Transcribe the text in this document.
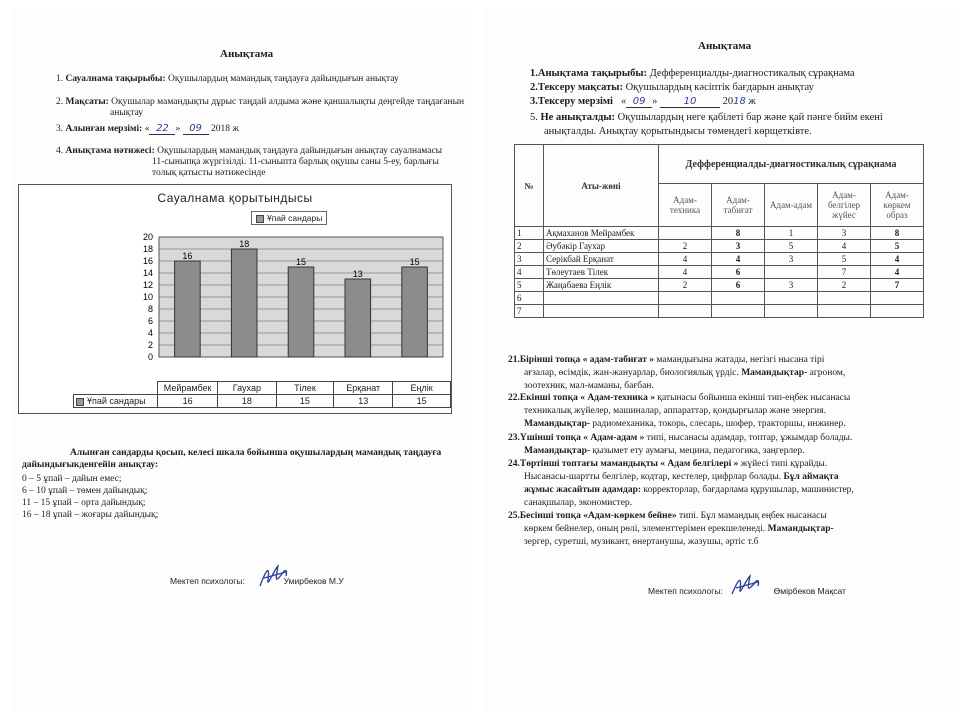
Анықтама
1. Сауалнама тақырыбы: Оқушылардың мамандық таңдауға дайындығын анықтау
2. Мақсаты: Оқушылар мамандықты дұрыс таңдай алдыма және қаншалықты деңгейде таңдағанын
анықтау
3. Алынған мерзімі: « 22 » 09 2018 ж
4. Анықтама нәтижесі: Оқушылардың мамандық таңдауға дайындығын анықтау сауалнамасы
11-сыныпқа жүргізілді. 11-сыныпта барлық оқушы саны 5-еу, барлығы
толық қатысты нәтижесінде
Сауалнама қорытындысы
Ұпай сандары
0
2
4
6
8
10
12
14
16
18
20
16
18
15
13
15
	Мейрамбек	Гаухар	Тілек	Ерқанат	Еңлік
Ұпай сандары	16	18	15	13	15
Алынған сандарды қосып, келесі шкала бойынша оқушылардың мамандық таңдауға
дайындығыкденгейін анықтау:
0 – 5 ұпай – дайын емес;
6 – 10 ұпай – төмен дайындық;
11 – 15 ұпай – орта дайындық;
16 – 18 ұпай – жоғары дайындық;
Мектеп психологы:	Умирбеков М.У
Анықтама
1.Анықтама тақырыбы: Дефференциалды-диагностикалық сұрақнама
2.Тексеру мақсаты: Оқушылардың кәсіптік бағдарын анықтау
3.Тексеру мерзімі   « 09 » 10	2018 ж
5. Не анықталды: Оқушылардың неге қабілеті бар және қай пәнге бийм екені
анықталды. Анықтау қорытындысы төмендегі көрщетківте.
№	Аты-жөні	Дефференциалды-диагностикалық сұрақнама				
		Адам-техника	Адам-табиғат	Адам-адам	Адам-белгілер жүйес	Адам-көркем образ
1	Ақмаханов Мейрамбек		8	1	3	8
2	Әубәкір Гаухар	2	3	5	4	5
3	Серікбай Ерқанат	4	4	3	5	4
4	Төлеутаев Тілек	4	6		7	4
5	Жаңабаева Еңлік	2	6	3	2	7
6						
7						
21.Бірінші топқа « адам-табиғат » мамандығына жатады, негізгі нысана тірі
ағзалар, өсімдік, жан-жануарлар, биологиялық үрдіс. Мамандықтар- агроном,
зоотехник, мал-маманы, бағбан.
22.Екінші топқа « Адам-техника » қатынасы бойынша екінші тип-еңбек нысанасы
техникалық жүйелер, машиналар, аппараттар, қондырғылар және энергия.
Мамандықтар- радиомеханика, токорь, слесарь, шофер, тракторшы, инжинер.
23.Үшінші топқа « Адам-адам » типі, нысанасы адамдар, топтар, ұжымдар болады.
Мамандықтар- қызымет ету аумағы, мецина, педагогика, заңгерлер.
24.Төртінші топтағы мамандықты « Адам белгілері » жүйесі типі құрайды.
Нысанасы-шартты белгілер, кодтар, кестелер, цифрлар болады. Бұл аймақта
жұмыс жасайтын адамдар: корректорлар, бағдарлама құрушылар, машинистер,
санақшылар, экономистер.
25.Бесінші топқа «Адам-көркем бейне» типі. Бұл мамандық еңбек нысанасы
көркем бейнелер, оның рөлі, элементтерімен ерекшеленеді. Мамандықтар-
зергер, суретші, музикант, өнертанушы, жазушы, әртіс т.б
Мектеп психологы:	Өмірбеков Мақсат
